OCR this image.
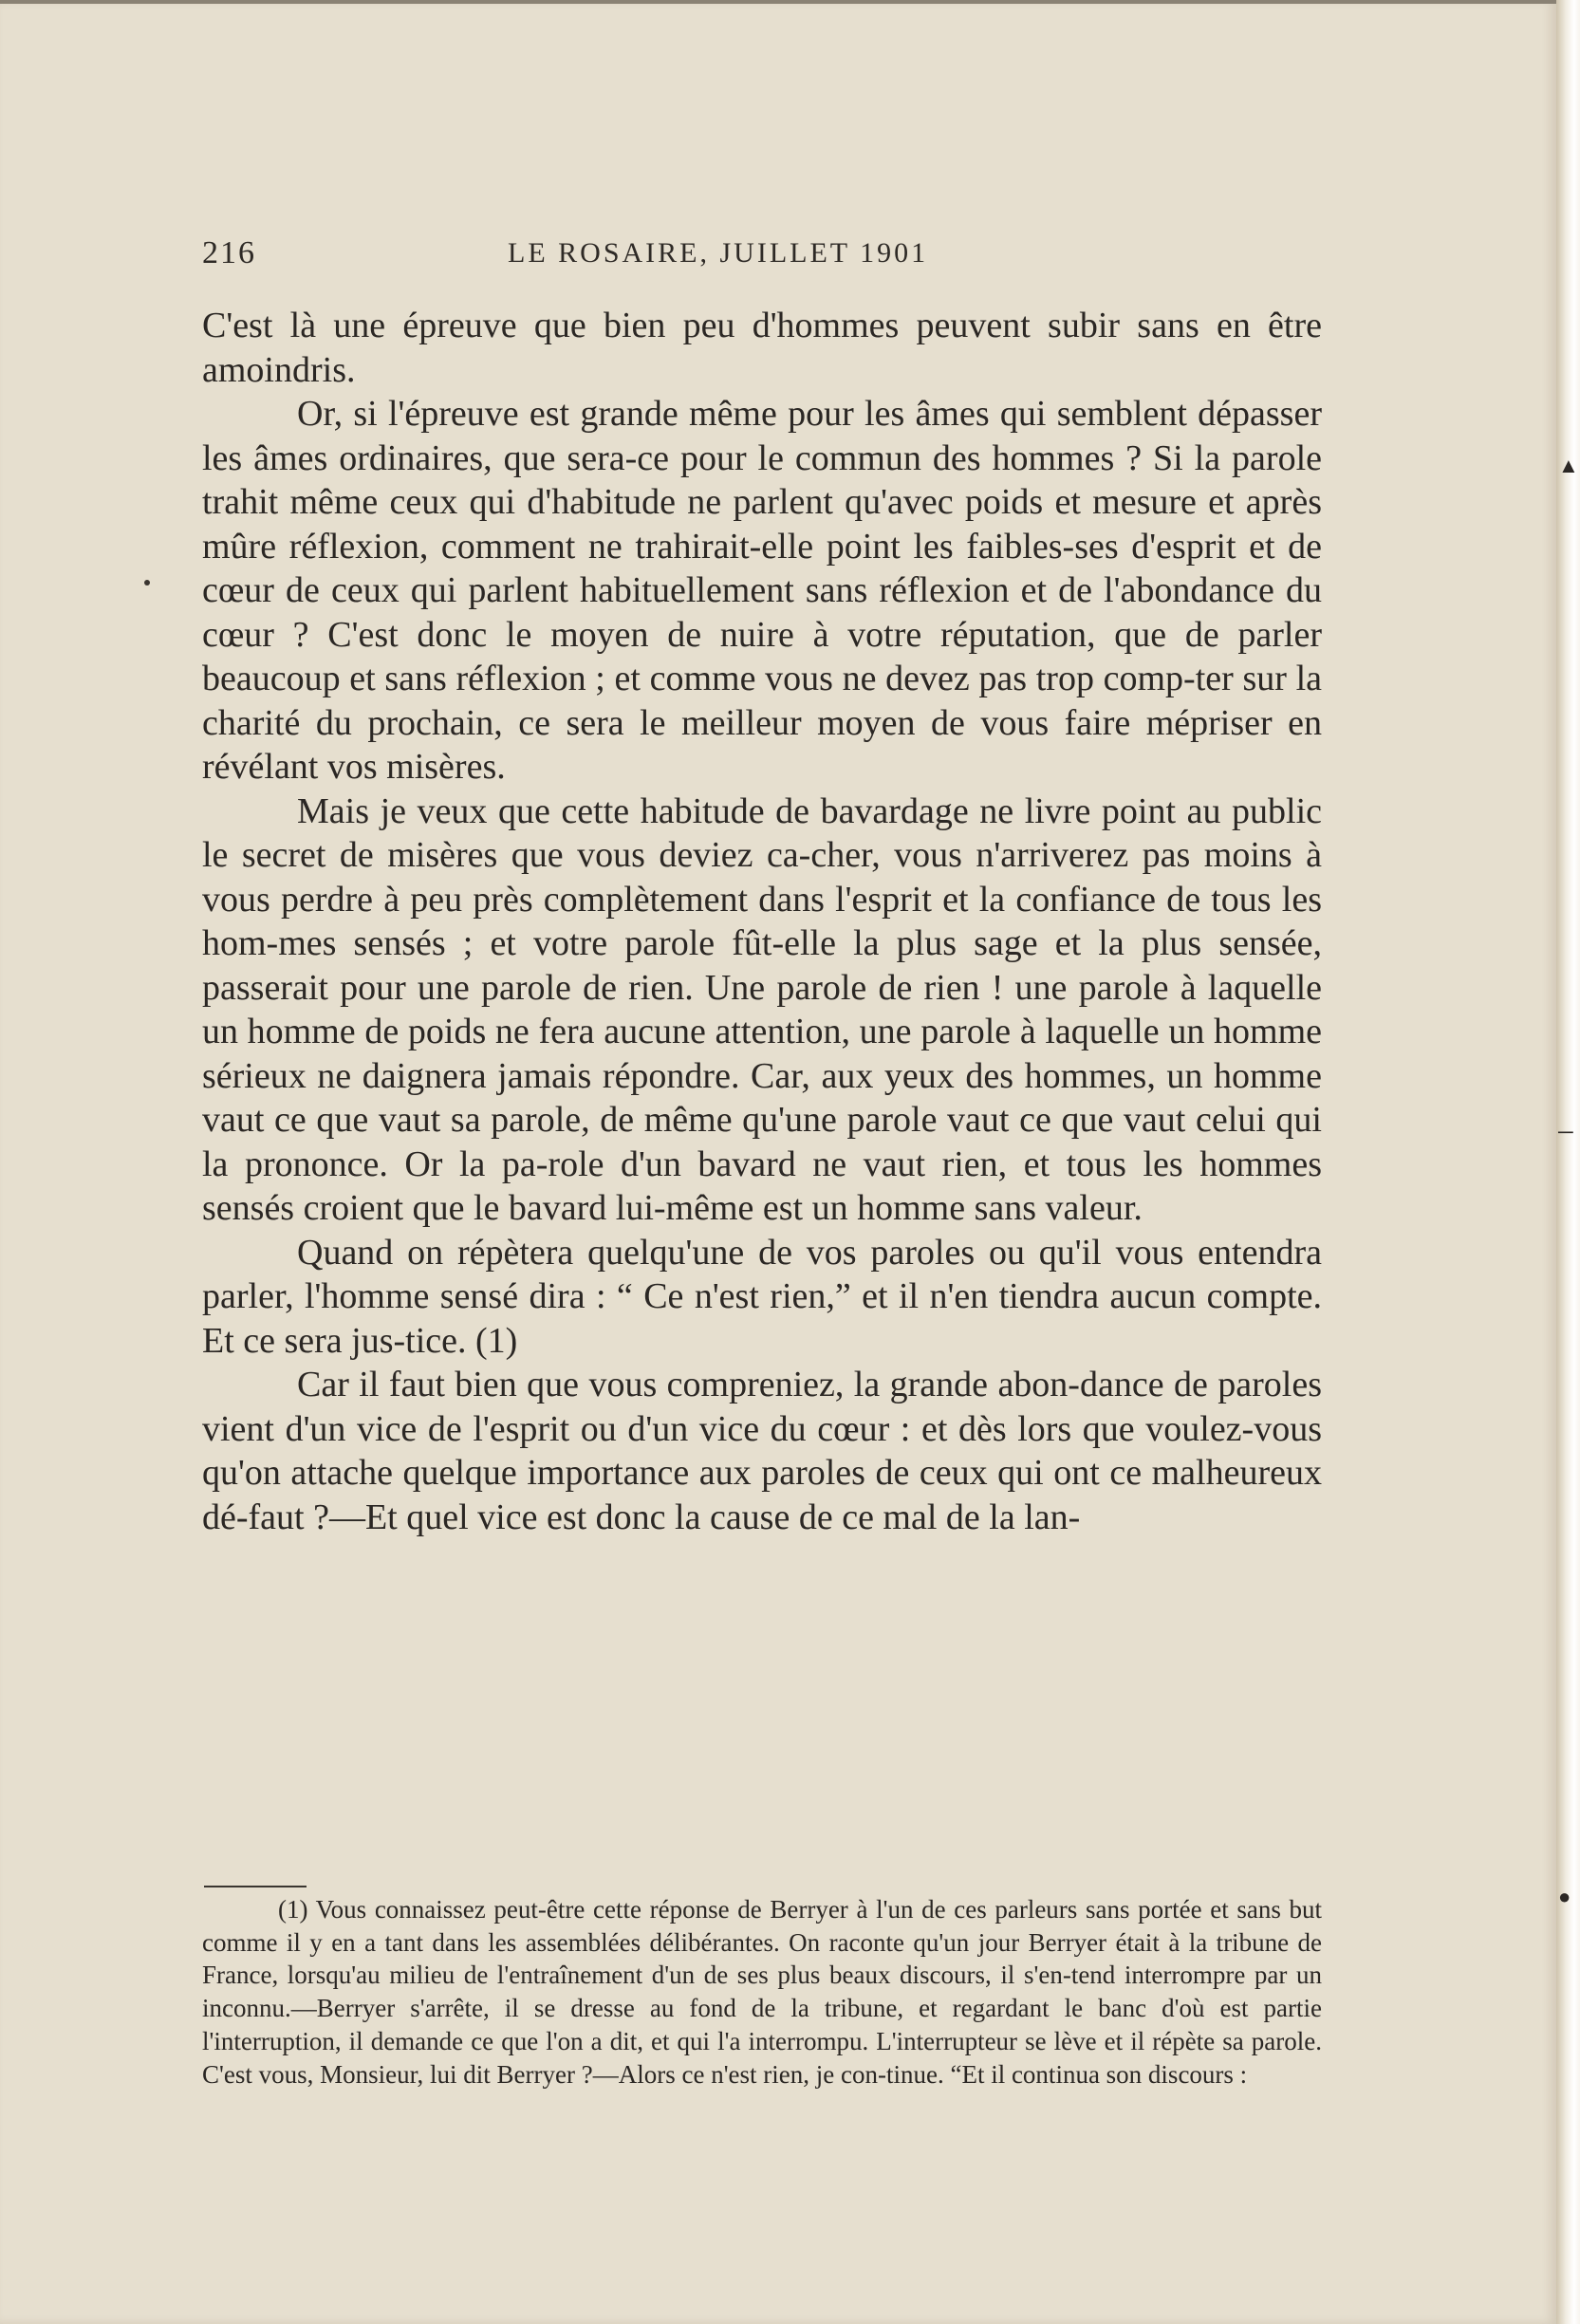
216	LE ROSAIRE, JUILLET 1901

C'est là une épreuve que bien peu d'hommes peuvent subir sans en être amoindris.

Or, si l'épreuve est grande même pour les âmes qui semblent dépasser les âmes ordinaires, que sera-ce pour le commun des hommes ? Si la parole trahit même ceux qui d'habitude ne parlent qu'avec poids et mesure et après mûre réflexion, comment ne trahirait-elle point les faibles-ses d'esprit et de cœur de ceux qui parlent habituellement sans réflexion et de l'abondance du cœur ? C'est donc le moyen de nuire à votre réputation, que de parler beaucoup et sans réflexion ; et comme vous ne devez pas trop comp-ter sur la charité du prochain, ce sera le meilleur moyen de vous faire mépriser en révélant vos misères.

Mais je veux que cette habitude de bavardage ne livre point au public le secret de misères que vous deviez ca-cher, vous n'arriverez pas moins à vous perdre à peu près complètement dans l'esprit et la confiance de tous les hom-mes sensés ; et votre parole fût-elle la plus sage et la plus sensée, passerait pour une parole de rien. Une parole de rien ! une parole à laquelle un homme de poids ne fera aucune attention, une parole à laquelle un homme sérieux ne daignera jamais répondre. Car, aux yeux des hommes, un homme vaut ce que vaut sa parole, de même qu'une parole vaut ce que vaut celui qui la prononce. Or la pa-role d'un bavard ne vaut rien, et tous les hommes sensés croient que le bavard lui-même est un homme sans valeur.

Quand on répètera quelqu'une de vos paroles ou qu'il vous entendra parler, l'homme sensé dira : “ Ce n'est rien,” et il n'en tiendra aucun compte. Et ce sera jus-tice. (1)

Car il faut bien que vous compreniez, la grande abon-dance de paroles vient d'un vice de l'esprit ou d'un vice du cœur : et dès lors que voulez-vous qu'on attache quelque importance aux paroles de ceux qui ont ce malheureux dé-faut ?—Et quel vice est donc la cause de ce mal de la lan-

(1) Vous connaissez peut-être cette réponse de Berryer à l'un de ces parleurs sans portée et sans but comme il y en a tant dans les assemblées délibérantes. On raconte qu'un jour Berryer était à la tribune de France, lorsqu'au milieu de l'entraînement d'un de ses plus beaux discours, il s'en-tend interrompre par un inconnu.—Berryer s'arrête, il se dresse au fond de la tribune, et regardant le banc d'où est partie l'interruption, il demande ce que l'on a dit, et qui l'a interrompu. L'interrupteur se lève et il répète sa parole. C'est vous, Monsieur, lui dit Berryer ?—Alors ce n'est rien, je con-tinue. “Et il continua son discours :
▲
─
●
